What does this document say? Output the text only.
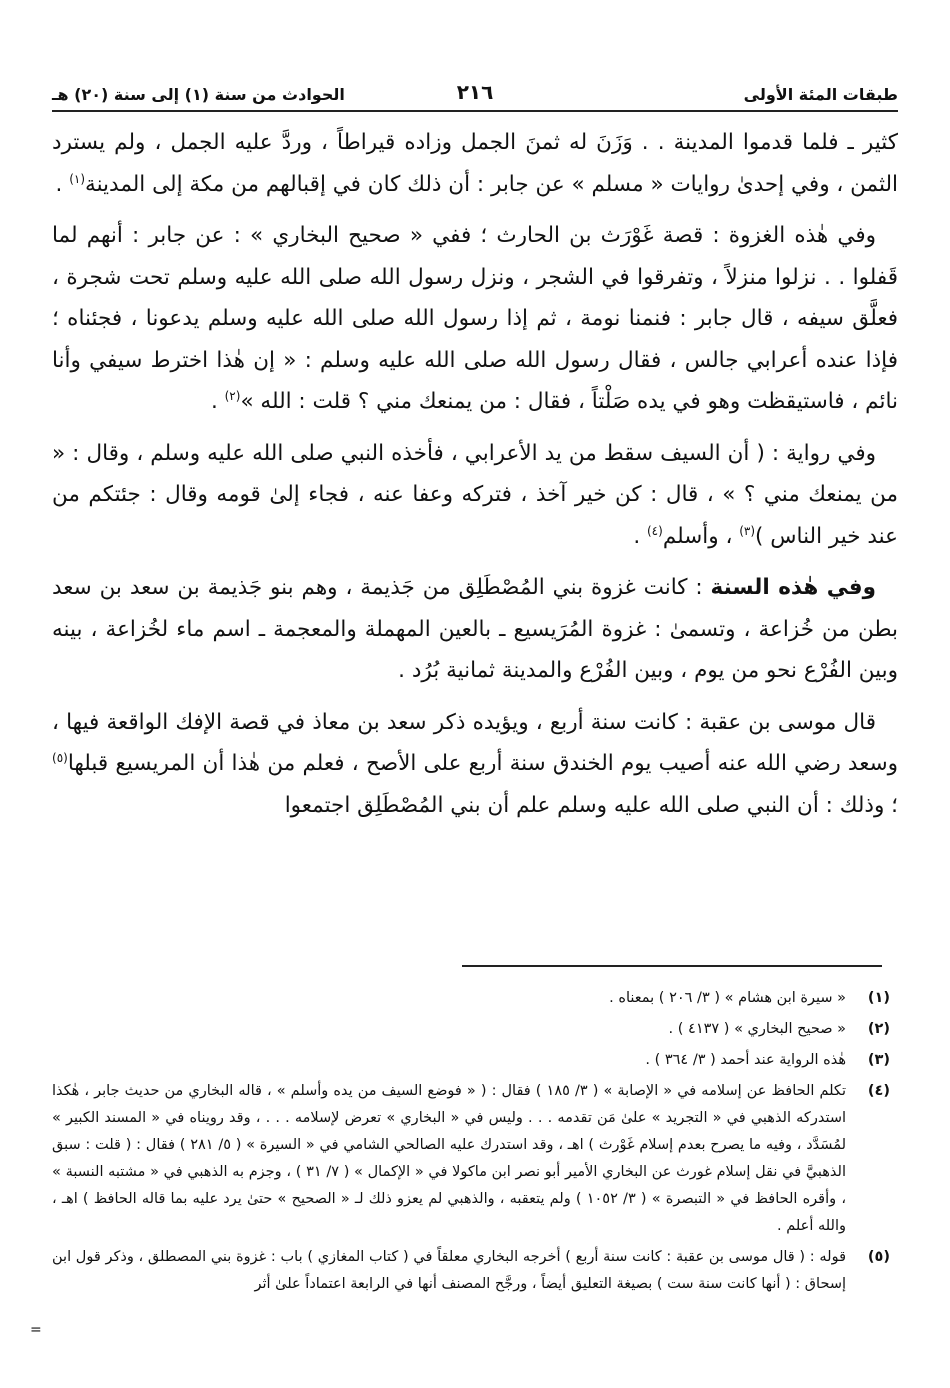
طبقات المئة الأولى
٢١٦
الحوادث من سنة (١) إلى سنة (٢٠) هـ

كثير ـ فلما قدموا المدينة . . وَزَنَ له ثمنَ الجمل وزاده قيراطاً ، وردَّ عليه الجمل ، ولم يسترد الثمن ، وفي إحدىٰ روايات « مسلم » عن جابر : أن ذلك كان في إقبالهم من مكة إلى المدينة$^{(١)}$ .

وفي هٰذه الغزوة : قصة غَوْرَث بن الحارث ؛ ففي « صحيح البخاري » : عن جابر : أنهم لما قَفلوا . . نزلوا منزلاً ، وتفرقوا في الشجر ، ونزل رسول الله صلى الله عليه وسلم تحت شجرة ، فعلَّق سيفه ، قال جابر : فنمنا نومة ، ثم إذا رسول الله صلى الله عليه وسلم يدعونا ، فجئناه ؛ فإذا عنده أعرابي جالس ، فقال رسول الله صلى الله عليه وسلم : « إن هٰذا اخترط سيفي وأنا نائم ، فاستيقظت وهو في يده صَلْتاً ، فقال : من يمنعك مني ؟ قلت : الله »$^{(٢)}$ .

وفي رواية : ( أن السيف سقط من يد الأعرابي ، فأخذه النبي صلى الله عليه وسلم ، وقال : « من يمنعك مني ؟ » ، قال : كن خير آخذ ، فتركه وعفا عنه ، فجاء إلىٰ قومه وقال : جئتكم من عند خير الناس )$^{(٣)}$ ، وأسلم$^{(٤)}$ .

وفي هٰذه السنة : كانت غزوة بني المُصْطَلِق من جَذيمة ، وهم بنو جَذيمة بن سعد بن سعد بطن من خُزاعة ، وتسمىٰ : غزوة المُرَيسيع ـ بالعين المهملة والمعجمة ـ اسم ماء لخُزاعة ، بينه وبين الفُرْع نحو من يوم ، وبين الفُرْع والمدينة ثمانية بُرُد .

قال موسى بن عقبة : كانت سنة أربع ، ويؤيده ذكر سعد بن معاذ في قصة الإفك الواقعة فيها ، وسعد رضي الله عنه أصيب يوم الخندق سنة أربع على الأصح ، فعلم من هٰذا أن المريسيع قبلها$^{(٥)}$ ؛ وذلك : أن النبي صلى الله عليه وسلم علم أن بني المُصْطَلِق اجتمعوا

(١)
« سيرة ابن هشام » ( ٣/ ٢٠٦ ) بمعناه .
(٢)
« صحيح البخاري » ( ٤١٣٧ ) .
(٣)
هٰذه الرواية عند أحمد ( ٣/ ٣٦٤ ) .
(٤)
تكلم الحافظ عن إسلامه في « الإصابة » ( ٣/ ١٨٥ ) فقال : ( « فوضع السيف من يده وأسلم » ، قاله البخاري من حديث جابر ، هٰكذا استدركه الذهبي في « التجريد » علىٰ مَن تقدمه . . . وليس في « البخاري » تعرض لإسلامه . . . ، وقد رويناه في « المسند الكبير » لمُسَدَّد ، وفيه ما يصرح بعدم إسلام غَوْرث ) اهـ ، وقد استدرك عليه الصالحي الشامي في « السيرة » ( ٥/ ٢٨١ ) فقال : ( قلت : سبق الذهبيَّ في نقل إسلام غورث عن البخاري الأمير أبو نصر ابن ماكولا في « الإكمال » ( ٧/ ٣١ ) ، وجزم به الذهبي في « مشتبه النسبة » ، وأقره الحافظ في « التبصرة » ( ٣/ ١٠٥٢ ) ولم يتعقبه ، والذهبي لم يعزو ذلك لـ « الصحيح » حتىٰ يرد عليه بما قاله الحافظ ) اهـ ، والله أعلم .
(٥)
قوله : ( قال موسى بن عقبة : كانت سنة أربع ) أخرجه البخاري معلقاً في ( كتاب المغازي ) باب : غزوة بني المصطلق ، وذكر قول ابن إسحاق : ( أنها كانت سنة ست ) بصيغة التعليق أيضاً ، ورجَّح المصنف أنها في الرابعة اعتماداً علىٰ أثر
=
